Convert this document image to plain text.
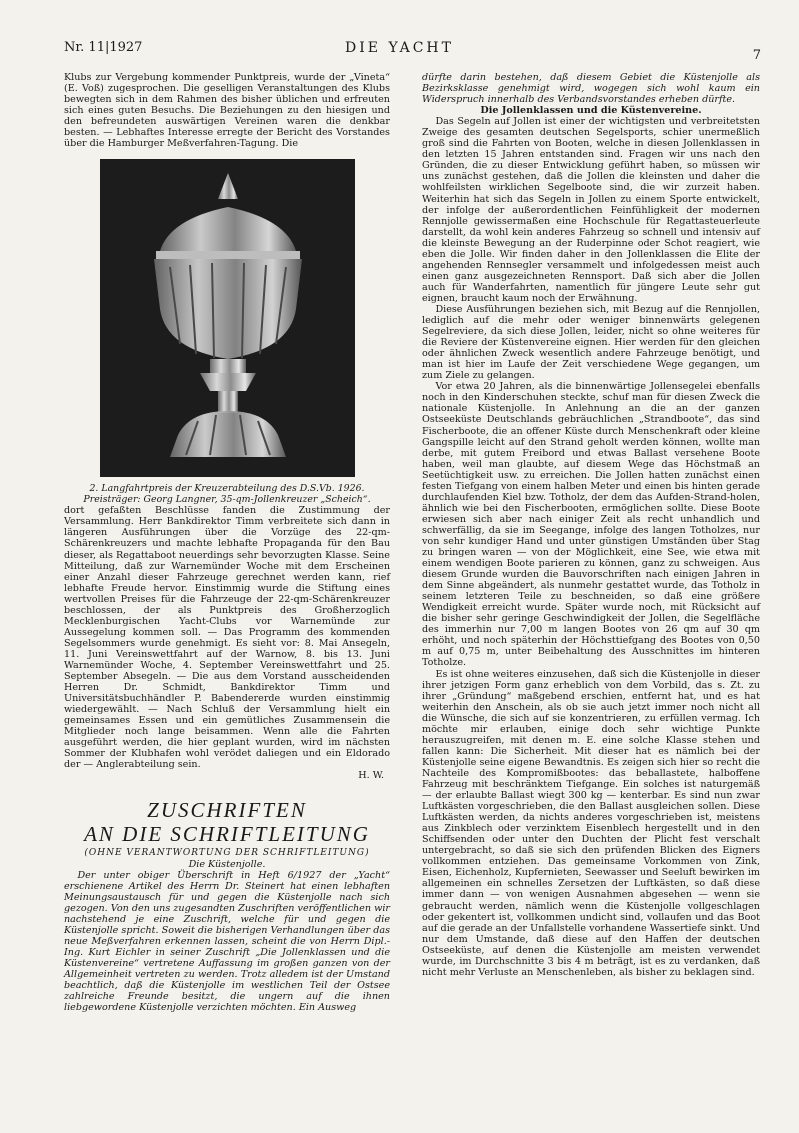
Nr. 11|1927	DIE YACHT	7

Klubs zur Vergebung kommender Punktpreis, wurde der „Vineta“ (E. Voß) zugesprochen. Die geselligen Veranstaltungen des Klubs bewegten sich in dem Rahmen des bisher üblichen und erfreuten sich eines guten Besuchs. Die Beziehungen zu den hiesigen und den befreundeten auswärtigen Vereinen waren die denkbar besten. — Lebhaftes Interesse erregte der Bericht des Vorstandes über die Hamburger Meßverfahren-Tagung. Die

2. Langfahrtpreis der Kreuzerabteilung des D.S.Vb. 1926.
Preisträger: Georg Langner, 35-qm-Jollenkreuzer „Scheich“.

dort gefaßten Beschlüsse fanden die Zustimmung der Versammlung. Herr Bankdirektor Timm verbreitete sich dann in längeren Ausführungen über die Vorzüge des 22-qm-Schärenkreuzers und machte lebhafte Propaganda für den Bau dieser, als Regattaboot neuerdings sehr bevorzugten Klasse. Seine Mitteilung, daß zur Warnemünder Woche mit dem Erscheinen einer Anzahl dieser Fahrzeuge gerechnet werden kann, rief lebhafte Freude hervor. Einstimmig wurde die Stiftung eines wertvollen Preises für die Fahrzeuge der 22-qm-Schärenkreuzer beschlossen, der als Punktpreis des Großherzoglich Mecklenburgischen Yacht-Clubs vor Warnemünde zur Aussegelung kommen soll. — Das Programm des kommenden Segelsommers wurde genehmigt. Es sieht vor: 8. Mai Ansegeln, 11. Juni Vereinswettfahrt auf der Warnow, 8. bis 13. Juni Warnemünder Woche, 4. September Vereinswettfahrt und 25. September Absegeln. — Die aus dem Vorstand ausscheidenden Herren Dr. Schmidt, Bankdirektor Timm und Universitätsbuchhändler P. Babendererde wurden einstimmig wiedergewählt. — Nach Schluß der Versammlung hielt ein gemeinsames Essen und ein gemütliches Zusammensein die Mitglieder noch lange beisammen. Wenn alle die Fahrten ausgeführt werden, die hier geplant wurden, wird im nächsten Sommer der Klubhafen wohl verödet daliegen und ein Eldorado der — Anglerabteilung sein.

H. W.

ZUSCHRIFTEN
AN DIE SCHRIFTLEITUNG

(OHNE VERANTWORTUNG DER SCHRIFTLEITUNG)

Die Küstenjolle.

Der unter obiger Überschrift in Heft 6/1927 der „Yacht“ erschienene Artikel des Herrn Dr. Steinert hat einen lebhaften Meinungsaustausch für und gegen die Küstenjolle nach sich gezogen. Von den uns zugesandten Zuschriften veröffentlichen wir nachstehend je eine Zuschrift, welche für und gegen die Küstenjolle spricht. Soweit die bisherigen Verhandlungen über das neue Meßverfahren erkennen lassen, scheint die von Herrn Dipl.-Ing. Kurt Eichler in seiner Zuschrift „Die Jollenklassen und die Küstenvereine“ vertretene Auffassung im großen ganzen von der Allgemeinheit vertreten zu werden. Trotz alledem ist der Umstand beachtlich, daß die Küstenjolle im westlichen Teil der Ostsee zahlreiche Freunde besitzt, die ungern auf die ihnen liebgewordene Küstenjolle verzichten möchten. Ein Ausweg

dürfte darin bestehen, daß diesem Gebiet die Küstenjolle als Bezirksklasse genehmigt wird, wogegen sich wohl kaum ein Widerspruch innerhalb des Verbandsvorstandes erheben dürfte.

Die Jollenklassen und die Küstenvereine.

Das Segeln auf Jollen ist einer der wichtigsten und verbreitetsten Zweige des gesamten deutschen Segelsports, schier unermeßlich groß sind die Fahrten von Booten, welche in diesen Jollenklassen in den letzten 15 Jahren entstanden sind. Fragen wir uns nach den Gründen, die zu dieser Entwicklung geführt haben, so müssen wir uns zunächst gestehen, daß die Jollen die kleinsten und daher die wohlfeilsten wirklichen Segelboote sind, die wir zurzeit haben. Weiterhin hat sich das Segeln in Jollen zu einem Sporte entwickelt, der infolge der außerordentlichen Feinfühligkeit der modernen Rennjolle gewissermaßen eine Hochschule für Regattasteuerleute darstellt, da wohl kein anderes Fahrzeug so schnell und intensiv auf die kleinste Bewegung an der Ruderpinne oder Schot reagiert, wie eben die Jolle. Wir finden daher in den Jollenklassen die Elite der angehenden Rennsegler versammelt und infolgedessen meist auch einen ganz ausgezeichneten Rennsport. Daß sich aber die Jollen auch für Wanderfahrten, namentlich für jüngere Leute sehr gut eignen, braucht kaum noch der Erwähnung.

Diese Ausführungen beziehen sich, mit Bezug auf die Rennjollen, lediglich auf die mehr oder weniger binnenwärts gelegenen Segelreviere, da sich diese Jollen, leider, nicht so ohne weiteres für die Reviere der Küstenvereine eignen. Hier werden für den gleichen oder ähnlichen Zweck wesentlich andere Fahrzeuge benötigt, und man ist hier im Laufe der Zeit verschiedene Wege gegangen, um zum Ziele zu gelangen.

Vor etwa 20 Jahren, als die binnenwärtige Jollensegelei ebenfalls noch in den Kinderschuhen steckte, schuf man für diesen Zweck die nationale Küstenjolle. In Anlehnung an die an der ganzen Ostseeküste Deutschlands gebräuchlichen „Strandboote“, das sind Fischerboote, die an offener Küste durch Menschenkraft oder kleine Gangspille leicht auf den Strand geholt werden können, wollte man derbe, mit gutem Freibord und etwas Ballast versehene Boote haben, weil man glaubte, auf diesem Wege das Höchstmaß an Seetüchtigkeit usw. zu erreichen. Die Jollen hatten zunächst einen festen Tiefgang von einem halben Meter und einen bis hinten gerade durchlaufenden Kiel bzw. Totholz, der dem das Aufden-Strand-holen, ähnlich wie bei den Fischerbooten, ermöglichen sollte. Diese Boote erwiesen sich aber nach einiger Zeit als recht unhandlich und schwerfällig, da sie im Seegange, infolge des langen Totholzes, nur von sehr kundiger Hand und unter günstigen Umständen über Stag zu bringen waren — von der Möglichkeit, eine See, wie etwa mit einem wendigen Boote parieren zu können, ganz zu schweigen. Aus diesem Grunde wurden die Bauvorschriften nach einigen Jahren in dem Sinne abgeändert, als nunmehr gestattet wurde, das Totholz in seinem letzteren Teile zu beschneiden, so daß eine größere Wendigkeit erreicht wurde. Später wurde noch, mit Rücksicht auf die bisher sehr geringe Geschwindigkeit der Jollen, die Segelfläche des immerhin nur 7,00 m langen Bootes von 26 qm auf 30 qm erhöht, und noch späterhin der Höchsttiefgang des Bootes von 0,50 m auf 0,75 m, unter Beibehaltung des Ausschnittes im hinteren Totholze.

Es ist ohne weiteres einzusehen, daß sich die Küstenjolle in dieser ihrer jetzigen Form ganz erheblich von dem Vorbild, das s. Zt. zu ihrer „Gründung“ maßgebend erschien, entfernt hat, und es hat weiterhin den Anschein, als ob sie auch jetzt immer noch nicht all die Wünsche, die sich auf sie konzentrieren, zu erfüllen vermag. Ich möchte mir erlauben, einige doch sehr wichtige Punkte herauszugreifen, mit denen m. E. eine solche Klasse stehen und fallen kann: Die Sicherheit. Mit dieser hat es nämlich bei der Küstenjolle seine eigene Bewandtnis. Es zeigen sich hier so recht die Nachteile des Kompromißbootes: das beballastete, halboffene Fahrzeug mit beschränktem Tiefgange. Ein solches ist naturgemäß — der erlaubte Ballast wiegt 300 kg — kenterbar. Es sind nun zwar Luftkästen vorgeschrieben, die den Ballast ausgleichen sollen. Diese Luftkästen werden, da nichts anderes vorgeschrieben ist, meistens aus Zinkblech oder verzinktem Eisenblech hergestellt und in den Schiffsenden oder unter den Duchten der Plicht fest verschalt untergebracht, so daß sie sich den prüfenden Blicken des Eigners vollkommen entziehen. Das gemeinsame Vorkommen von Zink, Eisen, Eichenholz, Kupfernieten, Seewasser und Seeluft bewirken im allgemeinen ein schnelles Zersetzen der Luftkästen, so daß diese immer dann — von wenigen Ausnahmen abgesehen — wenn sie gebraucht werden, nämlich wenn die Küstenjolle vollgeschlagen oder gekentert ist, vollkommen undicht sind, vollaufen und das Boot auf die gerade an der Unfallstelle vorhandene Wassertiefe sinkt. Und nur dem Umstande, daß diese auf den Haffen der deutschen Ostseeküste, auf denen die Küstenjolle am meisten verwendet wurde, im Durchschnitte 3 bis 4 m beträgt, ist es zu verdanken, daß nicht mehr Verluste an Menschenleben, als bisher zu beklagen sind.
